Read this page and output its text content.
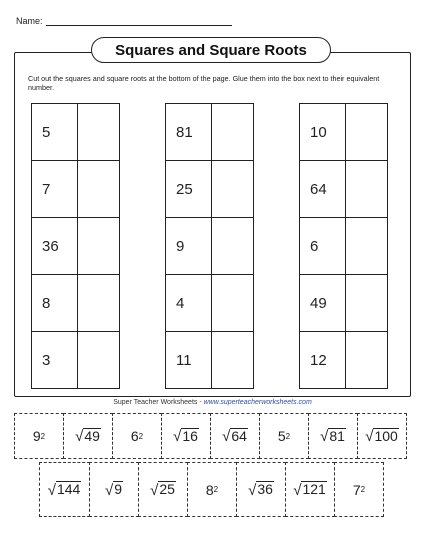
Name:
Squares and Square Roots
Cut out the squares and square roots at the bottom of the page. Glue them into the box next to their equivalent number.
5
7
36
8
3
81
25
9
4
11
10
64
6
49
12
Super Teacher Worksheets - www.superteacherworksheets.com
9 2 √ 49 6 2 √ 16 √ 64 5 2 √ 81 √ 100
√ 144 √ 9 √ 25 8 2 √ 36 √ 121 7 2
